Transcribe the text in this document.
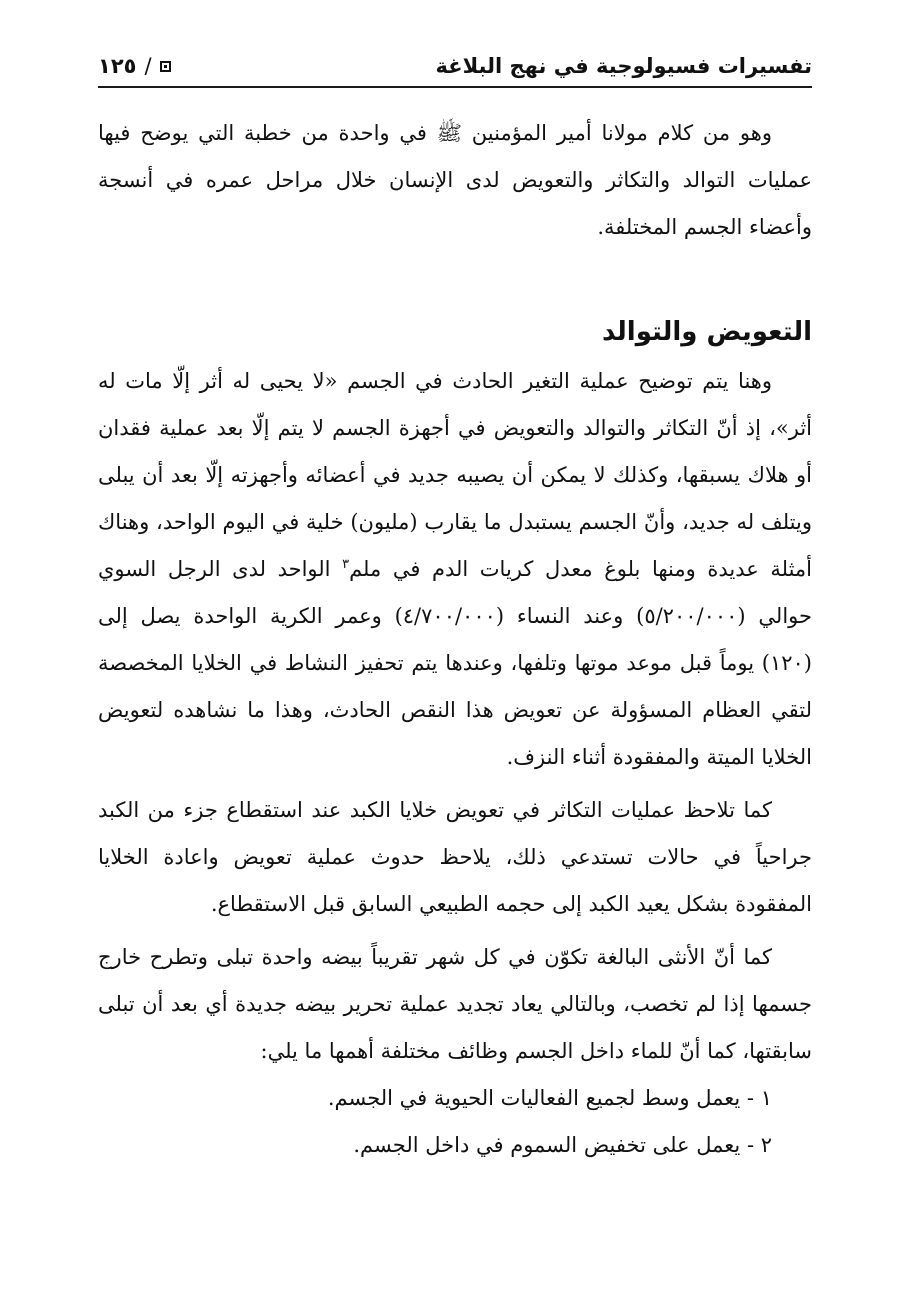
تفسيرات فسيولوجية في نهج البلاغة
١٢٥ /

وهو من كلام مولانا أمير المؤمنين ﷺ في واحدة من خطبة التي يوضح فيها عمليات التوالد والتكاثر والتعويض لدى الإنسان خلال مراحل عمره في أنسجة وأعضاء الجسم المختلفة.

التعويض والتوالد

وهنا يتم توضيح عملية التغير الحادث في الجسم «لا يحيى له أثر إلّا مات له أثر»، إذ أنّ التكاثر والتوالد والتعويض في أجهزة الجسم لا يتم إلّا بعد عملية فقدان أو هلاك يسبقها، وكذلك لا يمكن أن يصيبه جديد في أعضائه وأجهزته إلّا بعد أن يبلى ويتلف له جديد، وأنّ الجسم يستبدل ما يقارب (مليون) خلية في اليوم الواحد، وهناك أمثلة عديدة ومنها بلوغ معدل كريات الدم في ملم$^٣$ الواحد لدى الرجل السوي حوالي (٥/٢٠٠/٠٠٠) وعند النساء (٤/٧٠٠/٠٠٠) وعمر الكرية الواحدة يصل إلى (١٢٠) يوماً قبل موعد موتها وتلفها، وعندها يتم تحفيز النشاط في الخلايا المخصصة لتقي العظام المسؤولة عن تعويض هذا النقص الحادث، وهذا ما نشاهده لتعويض الخلايا الميتة والمفقودة أثناء النزف.

كما تلاحظ عمليات التكاثر في تعويض خلايا الكبد عند استقطاع جزء من الكبد جراحياً في حالات تستدعي ذلك، يلاحظ حدوث عملية تعويض واعادة الخلايا المفقودة بشكل يعيد الكبد إلى حجمه الطبيعي السابق قبل الاستقطاع.

كما أنّ الأنثى البالغة تكوّن في كل شهر تقريباً بيضه واحدة تبلى وتطرح خارج جسمها إذا لم تخصب، وبالتالي يعاد تجديد عملية تحرير بيضه جديدة أي بعد أن تبلى سابقتها، كما أنّ للماء داخل الجسم وظائف مختلفة أهمها ما يلي:

١ - يعمل وسط لجميع الفعاليات الحيوية في الجسم.
٢ - يعمل على تخفيض السموم في داخل الجسم.
